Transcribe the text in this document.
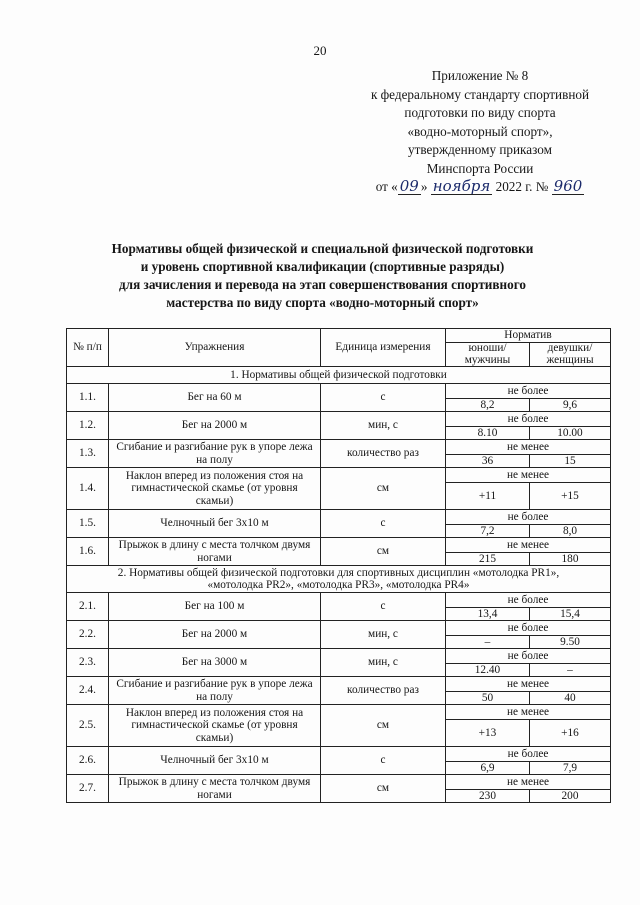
20
Приложение № 8
к федеральному стандарту спортивной
подготовки по виду спорта
«водно-моторный спорт»,
утвержденному приказом
Минспорта России
от « 09 » ноября 2022 г. № 960
Нормативы общей физической и специальной физической подготовки
и уровень спортивной квалификации (спортивные разряды)
для зачисления и перевода на этап совершенствования спортивного
мастерства по виду спорта «водно-моторный спорт»
№ п/п	Упражнения	Единица измерения	Норматив	
			юноши/ мужчины	девушки/ женщины
1. Нормативы общей физической подготовки				
1.1.	Бег на 60 м	с	не более	
			8,2	9,6
1.2.	Бег на 2000 м	мин, с	не более	
			8.10	10.00
1.3.	Сгибание и разгибание рук в упоре лежа на полу	количество раз	не менее	
			36	15
1.4.	Наклон вперед из положения стоя на гимнастической скамье (от уровня скамьи)	см	не менее	
			+11	+15
1.5.	Челночный бег 3х10 м	с	не более	
			7,2	8,0
1.6.	Прыжок в длину с места толчком двумя ногами	см	не менее	
			215	180
2. Нормативы общей физической подготовки для спортивных дисциплин «мотолодка PR1», «мотолодка PR2», «мотолодка PR3», «мотолодка PR4»				
2.1.	Бег на 100 м	с	не более	
			13,4	15,4
2.2.	Бег на 2000 м	мин, с	не более	
			–	9.50
2.3.	Бег на 3000 м	мин, с	не более	
			12.40	–
2.4.	Сгибание и разгибание рук в упоре лежа на полу	количество раз	не менее	
			50	40
2.5.	Наклон вперед из положения стоя на гимнастической скамье (от уровня скамьи)	см	не менее	
			+13	+16
2.6.	Челночный бег 3х10 м	с	не более	
			6,9	7,9
2.7.	Прыжок в длину с места толчком двумя ногами	см	не менее	
			230	200
